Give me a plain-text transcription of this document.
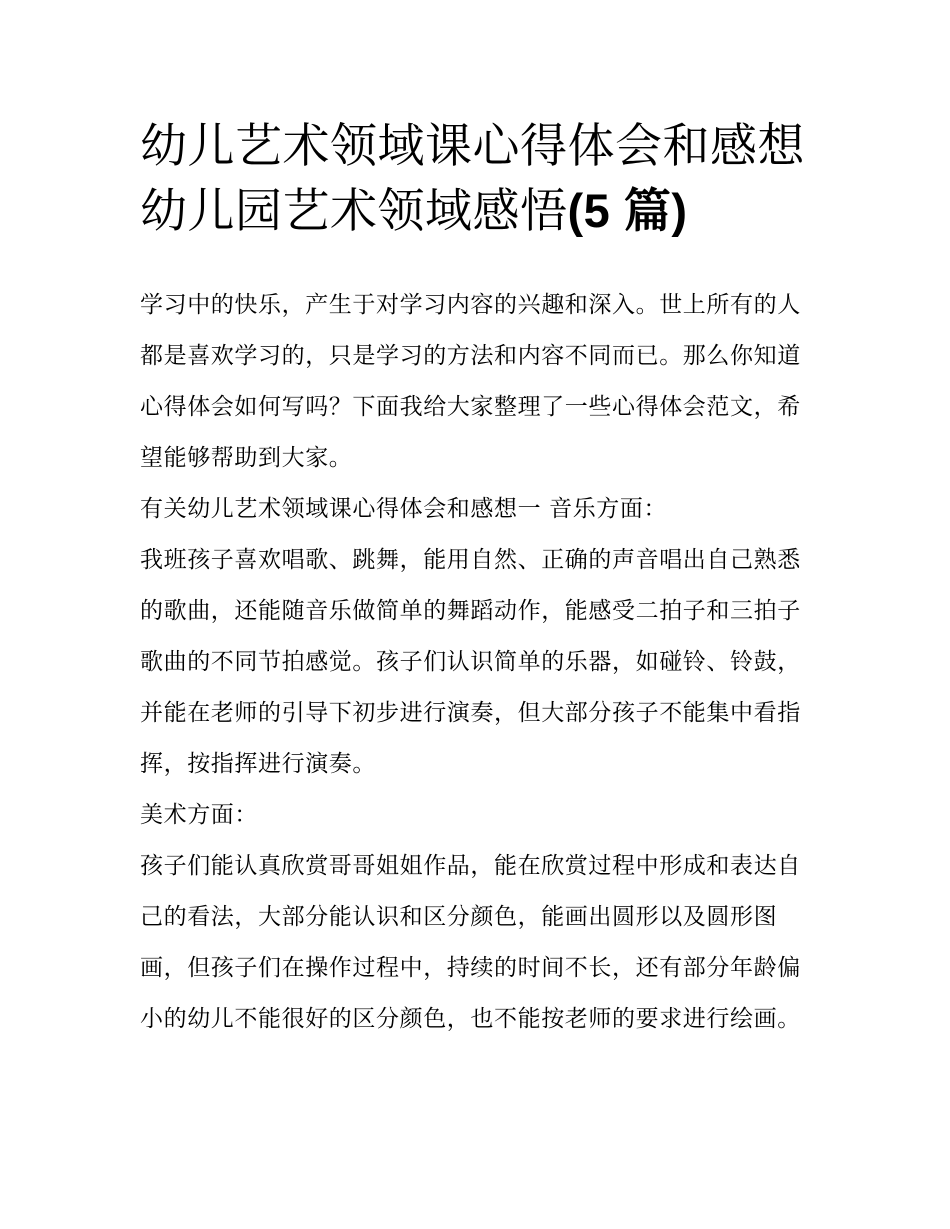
幼儿艺术领域课心得体会和感想 幼儿园艺术领域感悟(5 篇)

学习中的快乐，产生于对学习内容的兴趣和深入。世上所有的人都是喜欢学习的，只是学习的方法和内容不同而已。那么你知道心得体会如何写吗？下面我给大家整理了一些心得体会范文，希望能够帮助到大家。

有关幼儿艺术领域课心得体会和感想一 音乐方面：

我班孩子喜欢唱歌、跳舞，能用自然、正确的声音唱出自己熟悉的歌曲，还能随音乐做简单的舞蹈动作，能感受二拍子和三拍子歌曲的不同节拍感觉。孩子们认识简单的乐器，如碰铃、铃鼓，并能在老师的引导下初步进行演奏，但大部分孩子不能集中看指挥，按指挥进行演奏。

美术方面：

孩子们能认真欣赏哥哥姐姐作品，能在欣赏过程中形成和表达自己的看法，大部分能认识和区分颜色，能画出圆形以及圆形图画，但孩子们在操作过程中，持续的时间不长，还有部分年龄偏小的幼儿不能很好的区分颜色，也不能按老师的要求进行绘画。
